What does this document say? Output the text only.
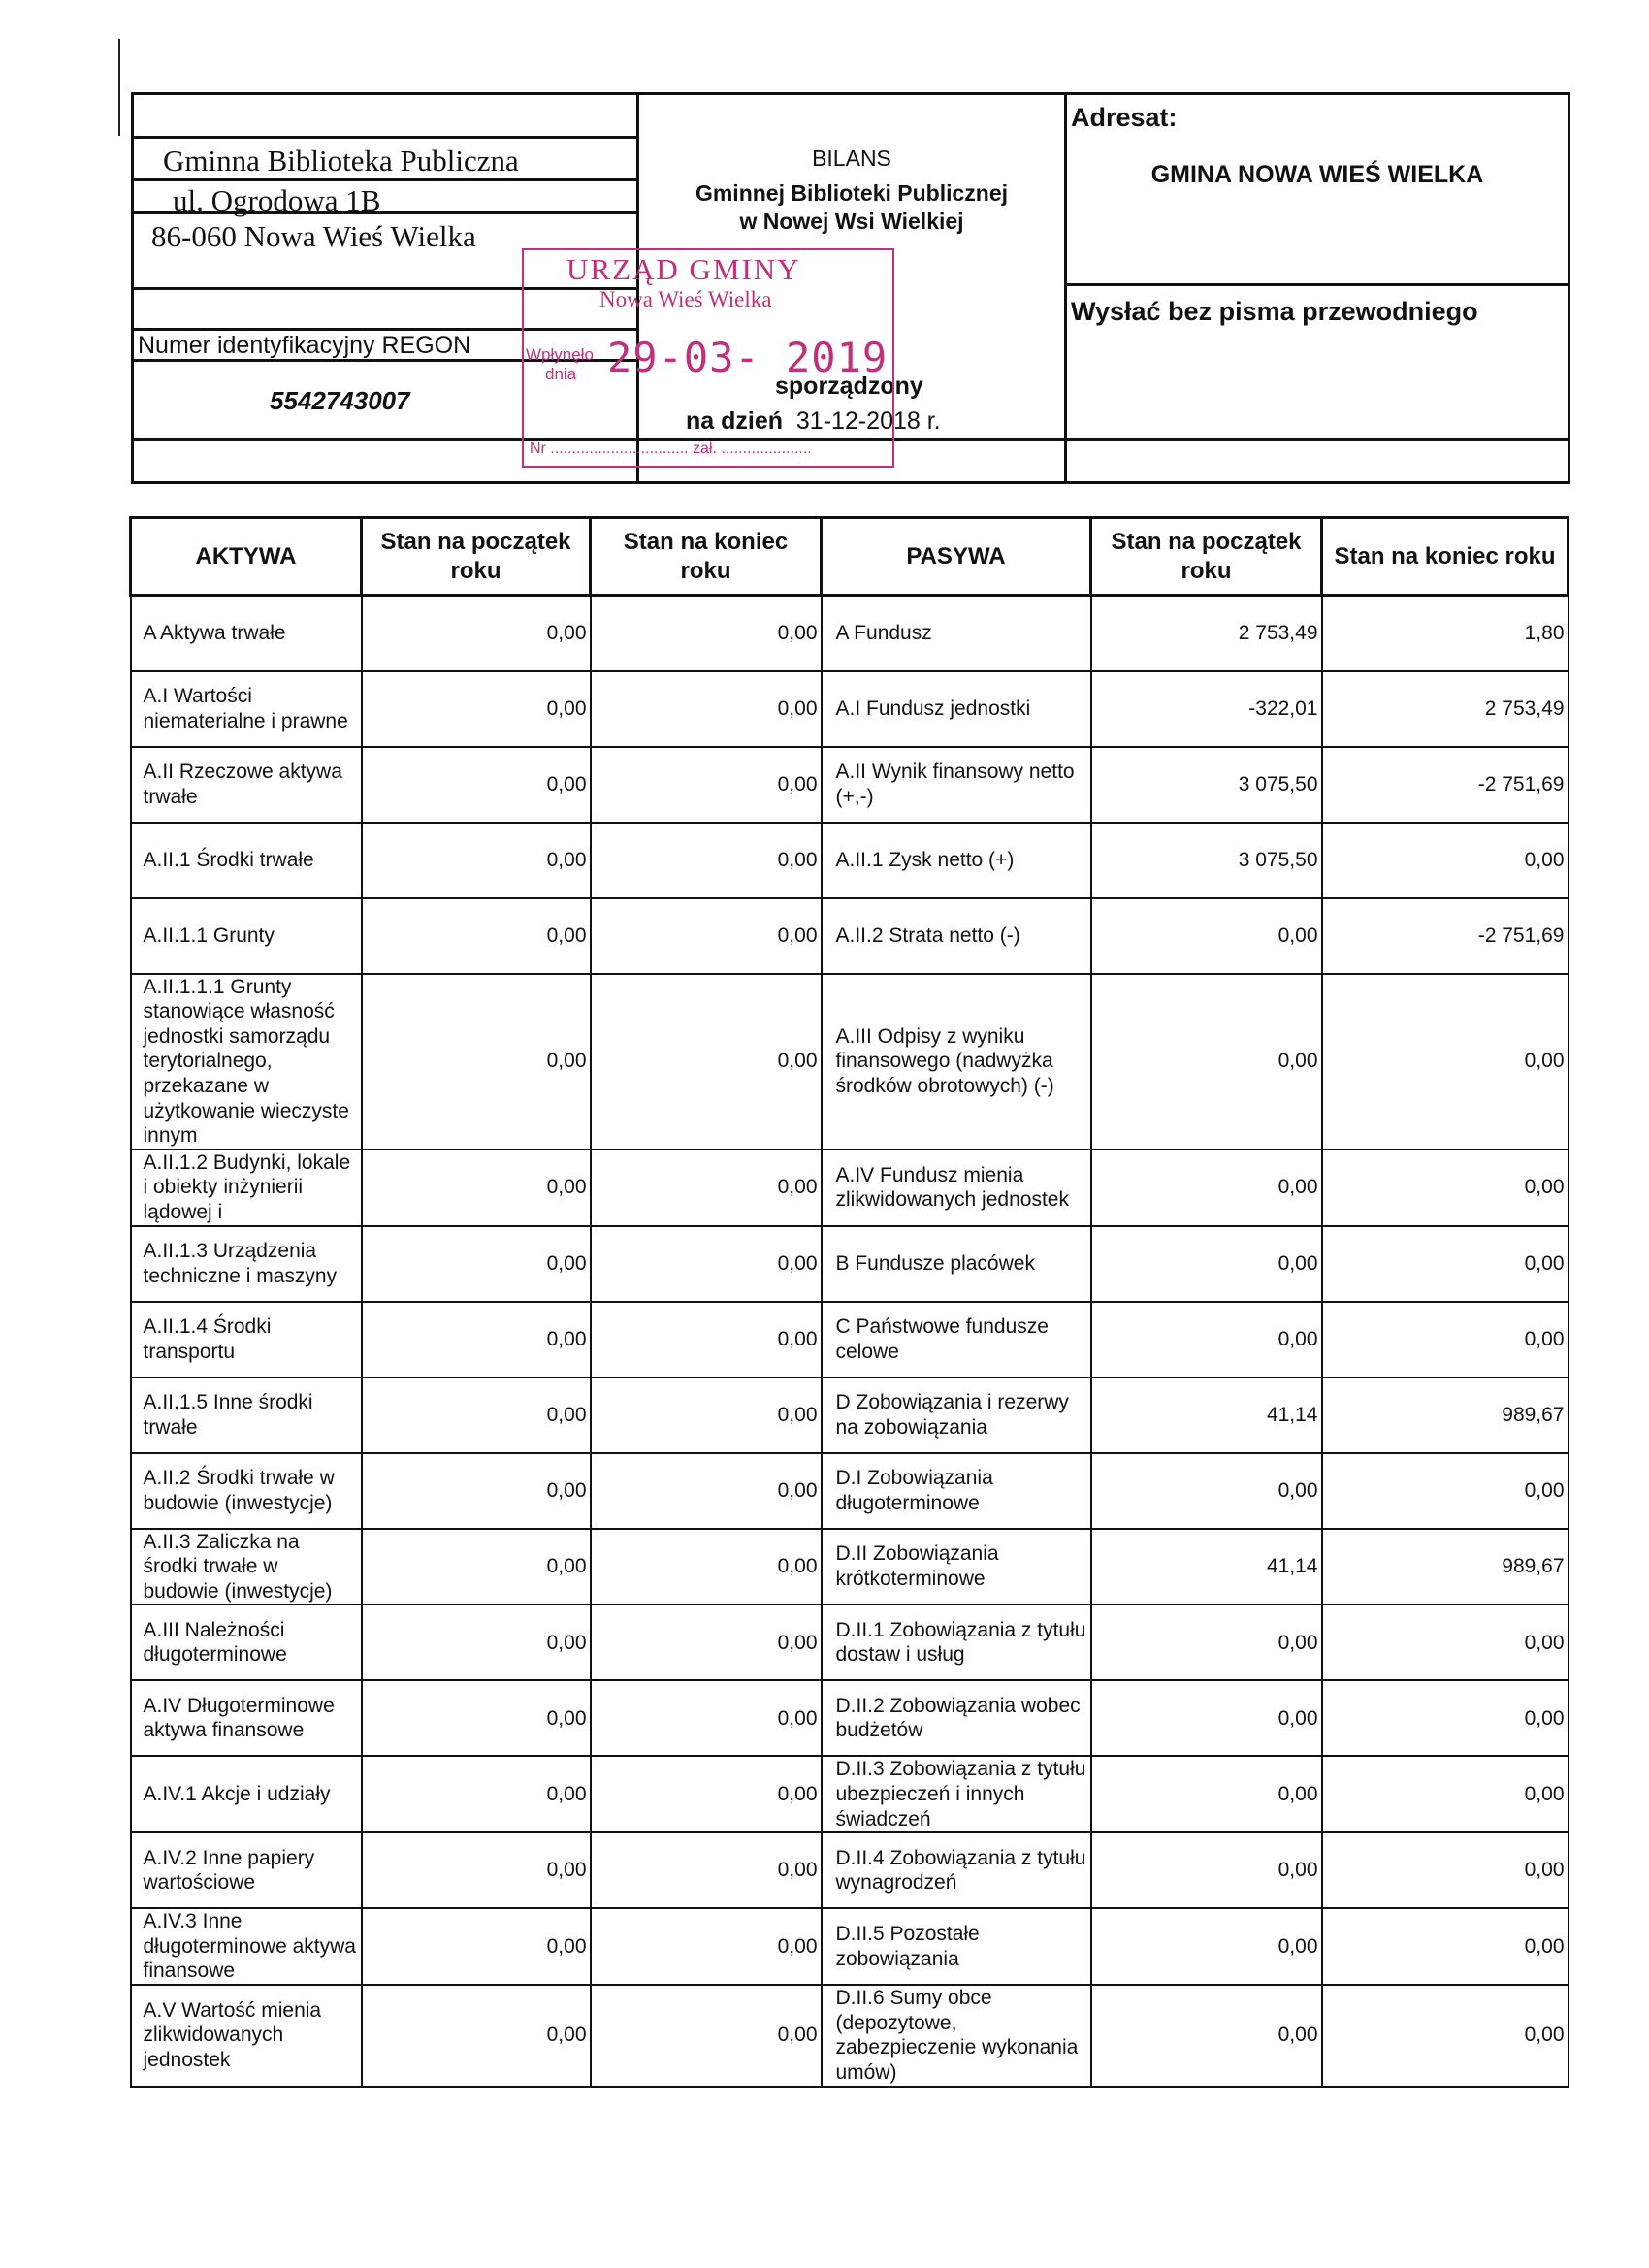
Gminna Biblioteka Publiczna
ul. Ogrodowa 1B
86-060 Nowa Wieś Wielka
Numer identyfikacyjny REGON
5542743007
BILANS
Gminnej Biblioteki Publicznej
w Nowej Wsi Wielkiej
sporządzony
na dzień  31-12-2018 r.
Adresat:
GMINA NOWA WIEŚ WIELKA
Wysłać bez pisma przewodniego
URZĄD GMINY
Nowa Wieś Wielka
Wpłynęło
dnia 29-03- 2019
Nr ................................ zał. .....................
AKTYWA	Stan na początek roku	Stan na koniec roku	PASYWA	Stan na początek roku	Stan na koniec roku
A Aktywa trwałe	0,00	0,00	A Fundusz	2 753,49	1,80
A.I Wartości niematerialne i prawne	0,00	0,00	A.I Fundusz jednostki	-322,01	2 753,49
A.II Rzeczowe aktywa trwałe	0,00	0,00	A.II Wynik finansowy netto (+,-)	3 075,50	-2 751,69
A.II.1 Środki trwałe	0,00	0,00	A.II.1 Zysk netto (+)	3 075,50	0,00
A.II.1.1 Grunty	0,00	0,00	A.II.2 Strata netto (-)	0,00	-2 751,69
A.II.1.1.1 Grunty stanowiące własność jednostki samorządu terytorialnego, przekazane w użytkowanie wieczyste innym	0,00	0,00	A.III Odpisy z wyniku finansowego (nadwyżka środków obrotowych) (-)	0,00	0,00
A.II.1.2 Budynki, lokale i obiekty inżynierii lądowej i	0,00	0,00	A.IV Fundusz mienia zlikwidowanych jednostek	0,00	0,00
A.II.1.3 Urządzenia techniczne i maszyny	0,00	0,00	B Fundusze placówek	0,00	0,00
A.II.1.4 Środki transportu	0,00	0,00	C Państwowe fundusze celowe	0,00	0,00
A.II.1.5 Inne środki trwałe	0,00	0,00	D Zobowiązania i rezerwy na zobowiązania	41,14	989,67
A.II.2 Środki trwałe w budowie (inwestycje)	0,00	0,00	D.I Zobowiązania długoterminowe	0,00	0,00
A.II.3 Zaliczka na środki trwałe w budowie (inwestycje)	0,00	0,00	D.II Zobowiązania krótkoterminowe	41,14	989,67
A.III Należności długoterminowe	0,00	0,00	D.II.1 Zobowiązania z tytułu dostaw i usług	0,00	0,00
A.IV Długoterminowe aktywa finansowe	0,00	0,00	D.II.2 Zobowiązania wobec budżetów	0,00	0,00
A.IV.1 Akcje i udziały	0,00	0,00	D.II.3 Zobowiązania z tytułu ubezpieczeń i innych świadczeń	0,00	0,00
A.IV.2 Inne papiery wartościowe	0,00	0,00	D.II.4 Zobowiązania z tytułu wynagrodzeń	0,00	0,00
A.IV.3 Inne długoterminowe aktywa finansowe	0,00	0,00	D.II.5 Pozostałe zobowiązania	0,00	0,00
A.V Wartość mienia zlikwidowanych jednostek	0,00	0,00	D.II.6 Sumy obce (depozytowe, zabezpieczenie wykonania umów)	0,00	0,00
